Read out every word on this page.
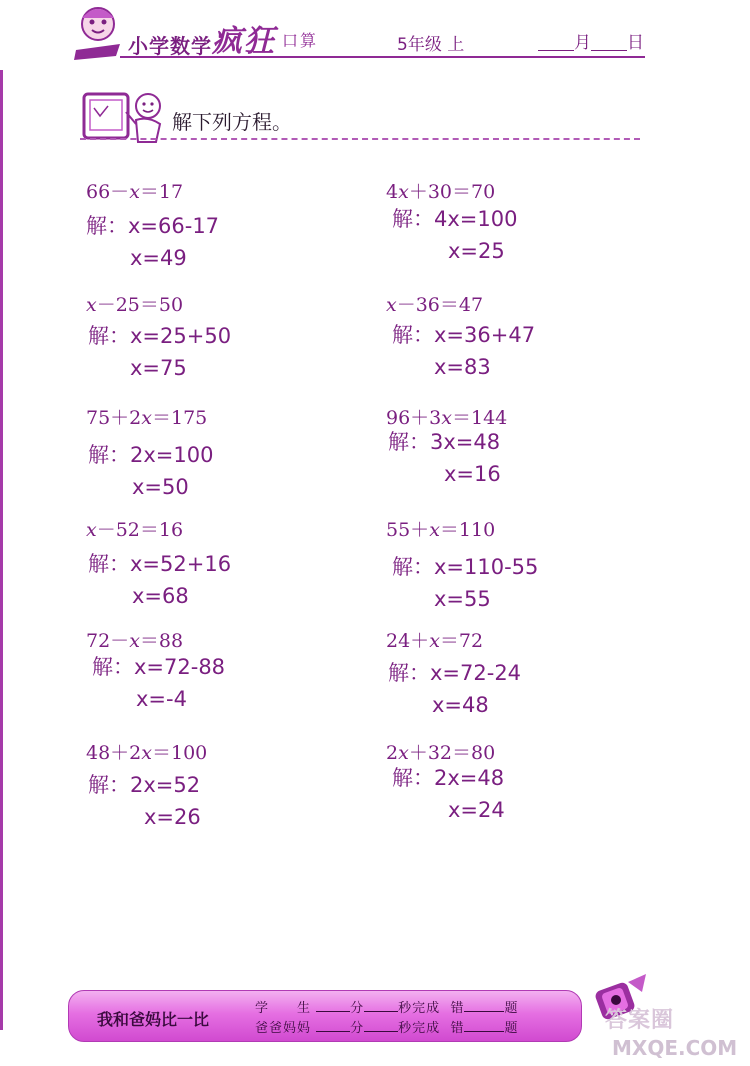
小学数学 疯狂 口算	5年级 上	月 日
解下列方程。
66－x＝17
解：x=66-17
x=49
4x＋30＝70
解：4x=100
x=25
x－25＝50
解：x=25+50
x=75
x－36＝47
解：x=36+47
x=83
75＋2x＝175
解：2x=100
x=50
96＋3x＝144
解：3x=48
x=16
x－52＝16
解：x=52+16
x=68
55＋x＝110
解：x=110-55
x=55
72－x＝88
解：x=72-88
x=-4
24＋x＝72
解：x=72-24
x=48
48＋2x＝100
解：2x=52
x=26
2x＋32＝80
解：2x=48
x=24
我和爸妈比一比
学　　生	分	秒完成 错	题
爸爸妈妈	分	秒完成 错	题	答案圈
MXQE.COM
